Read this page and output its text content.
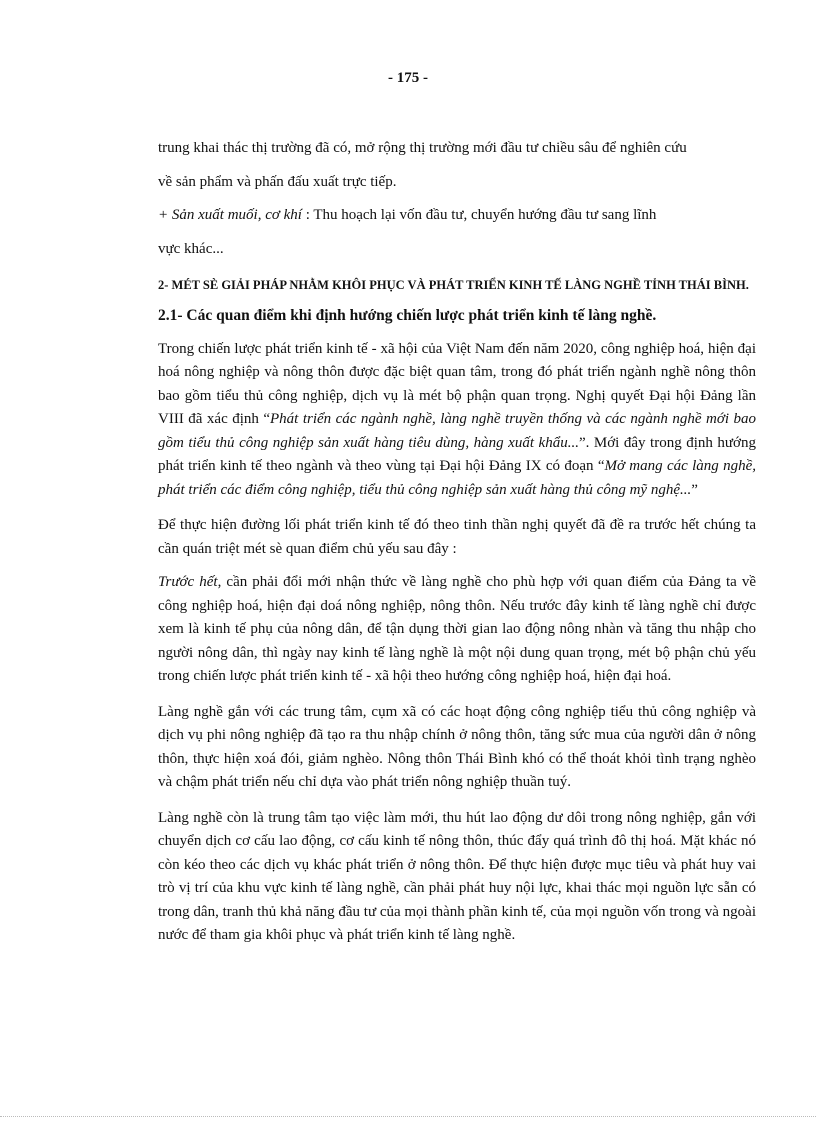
- 175 -

trung khai thác thị trường đã có, mở rộng thị trường mới đầu tư chiều sâu để nghiên cứu

về sản phẩm và phấn đấu xuất trực tiếp.

+ Sản xuất muối, cơ khí : Thu hoạch lại vốn đầu tư, chuyển hướng đầu tư sang lĩnh

vực khác...

2- MÉT SÈ GIẢI PHÁP NHẰM KHÔI PHỤC VÀ PHÁT TRIỂN KINH TẾ LÀNG NGHỀ TỈNH THÁI BÌNH.

2.1- Các quan điểm khi định hướng chiến lược phát triển kinh tế làng nghề.

Trong chiến lược phát triển kinh tế - xã hội của Việt Nam đến năm 2020, công nghiệp hoá, hiện đại hoá nông nghiệp và nông thôn được đặc biệt quan tâm, trong đó phát triển ngành nghề nông thôn bao gồm tiểu thủ công nghiệp, dịch vụ là mét bộ phận quan trọng. Nghị quyết Đại hội Đảng lần VIII đã xác định “Phát triển các ngành nghề, làng nghề truyền thống và các ngành nghề mới bao gồm tiểu thủ công nghiệp sản xuất hàng tiêu dùng, hàng xuất khẩu...”. Mới đây trong định hướng phát triển kinh tế theo ngành và theo vùng tại Đại hội Đảng IX có đoạn “Mở mang các làng nghề, phát triển các điểm công nghiệp, tiểu thủ công nghiệp sản xuất hàng thủ công mỹ nghệ...”

Để thực hiện đường lối phát triển kinh tế đó theo tinh thần nghị quyết đã đề ra trước hết chúng ta cần quán triệt mét sè quan điểm chủ yếu sau đây :

Trước hết, cần phải đổi mới nhận thức về làng nghề cho phù hợp với quan điểm của Đảng ta về công nghiệp hoá, hiện đại doá nông nghiệp, nông thôn. Nếu trước đây kinh tế làng nghề chỉ được xem là kinh tế phụ của nông dân, để tận dụng thời gian lao động nông nhàn và tăng thu nhập cho người nông dân, thì ngày nay kinh tế làng nghề là một nội dung quan trọng, mét bộ phận chủ yếu trong chiến lược phát triển kinh tế - xã hội theo hướng công nghiệp hoá, hiện đại hoá.

Làng nghề gắn với các trung tâm, cụm xã có các hoạt động công nghiệp tiểu thủ công nghiệp và dịch vụ phi nông nghiệp đã tạo ra thu nhập chính ở nông thôn, tăng sức mua của người dân ở nông thôn, thực hiện xoá đói, giảm nghèo. Nông thôn Thái Bình khó có thể thoát khỏi tình trạng nghèo và chậm phát triển nếu chỉ dựa vào phát triển nông nghiệp thuần tuý.

Làng nghề còn là trung tâm tạo việc làm mới, thu hút lao động dư dôi trong nông nghiệp, gắn với chuyển dịch cơ cấu lao động, cơ cấu kinh tế nông thôn, thúc đẩy quá trình đô thị hoá. Mặt khác nó còn kéo theo các dịch vụ khác phát triển ở nông thôn. Để thực hiện được mục tiêu và phát huy vai trò vị trí của khu vực kinh tế làng nghề, cần phải phát huy nội lực, khai thác mọi nguồn lực sẵn có trong dân, tranh thủ khả năng đầu tư của mọi thành phần kinh tế, của mọi nguồn vốn trong và ngoài nước để tham gia khôi phục và phát triển kinh tế làng nghề.
